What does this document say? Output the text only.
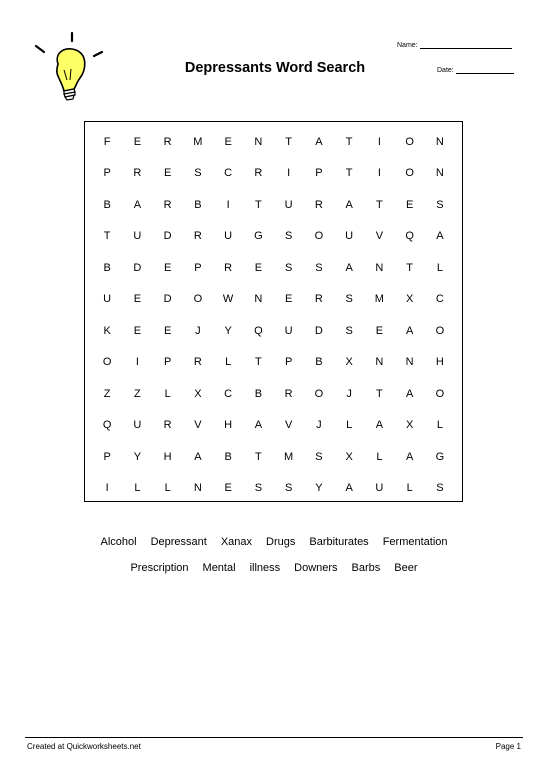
Depressants Word Search
Name:
Date:
F	E	R	M	E	N	T	A	T	I	O	N
P	R	E	S	C	R	I	P	T	I	O	N
B	A	R	B	I	T	U	R	A	T	E	S
T	U	D	R	U	G	S	O	U	V	Q	A
B	D	E	P	R	E	S	S	A	N	T	L
U	E	D	O	W	N	E	R	S	M	X	C
K	E	E	J	Y	Q	U	D	S	E	A	O
O	I	P	R	L	T	P	B	X	N	N	H
Z	Z	L	X	C	B	R	O	J	T	A	O
Q	U	R	V	H	A	V	J	L	A	X	L
P	Y	H	A	B	T	M	S	X	L	A	G
I	L	L	N	E	S	S	Y	A	U	L	S
Alcohol Depressant Xanax Drugs Barbiturates Fermentation
Prescription Mental illness Downers Barbs Beer
Created at Quickworksheets.net	Page 1
